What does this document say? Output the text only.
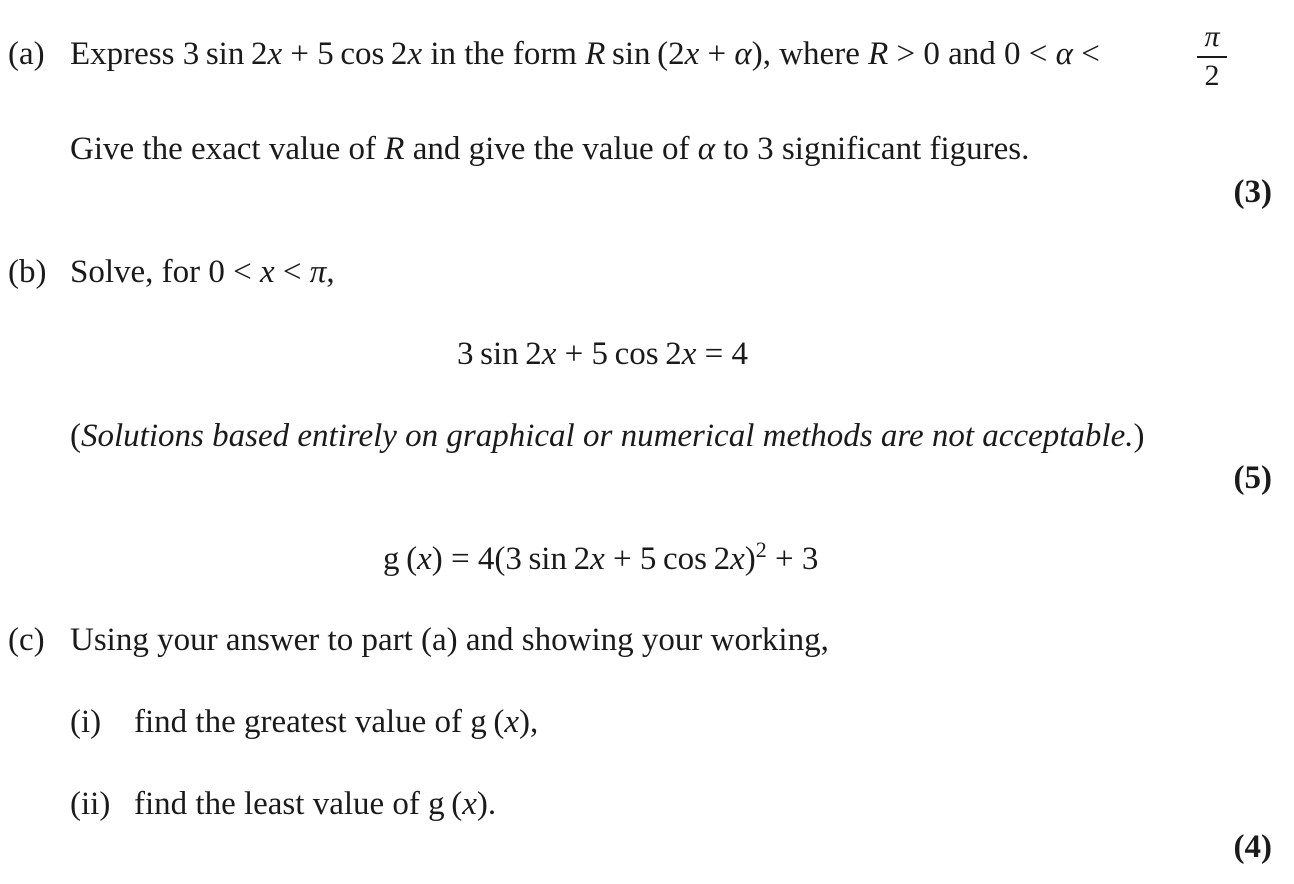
(a) Express 3 sin 2x + 5 cos 2x in the form R sin (2x + α), where R > 0 and 0 < α <	π
2
Give the exact value of R and give the value of α to 3 significant figures.
(3)
(b) Solve, for 0 < x < π,
3 sin 2x + 5 cos 2x = 4
(Solutions based entirely on graphical or numerical methods are not acceptable.)
(5)
g (x) = 4(3 sin 2x + 5 cos 2x)$^2$ + 3
(c) Using your answer to part (a) and showing your working,
(i) find the greatest value of g (x),
(ii) find the least value of g (x).
(4)
